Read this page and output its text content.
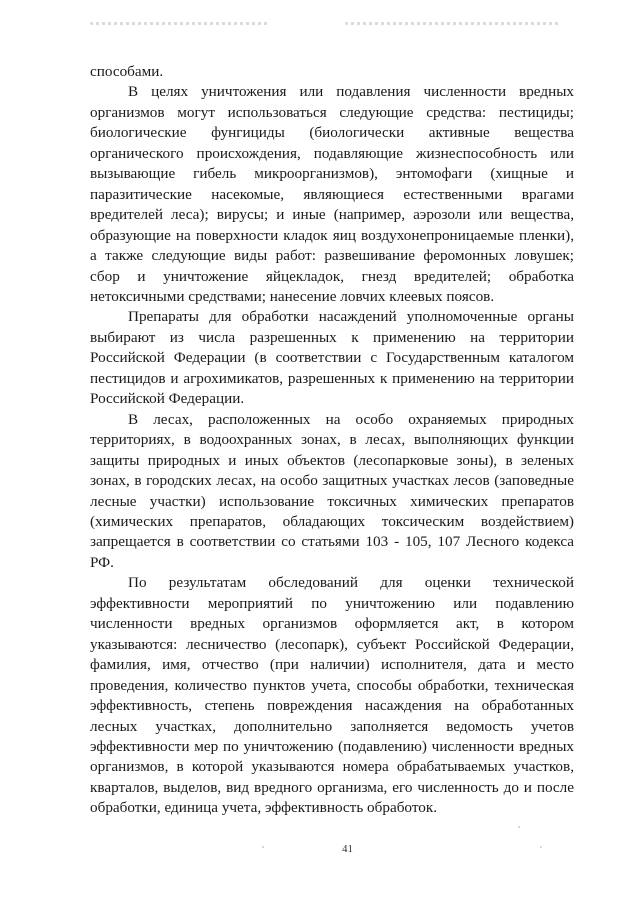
способами.

В целях уничтожения или подавления численности вредных организмов могут использоваться следующие средства: пестициды; биологические фунгициды (биологически активные вещества органического происхождения, подавляющие жизнеспособность или вызывающие гибель микроорганизмов), энтомофаги (хищные и паразитические насекомые, являющиеся естественными врагами вредителей леса); вирусы; и иные (например, аэрозоли или вещества, образующие на поверхности кладок яиц воздухонепроницаемые пленки), а также следующие виды работ: развешивание феромонных ловушек; сбор и уничтожение яйцекладок, гнезд вредителей; обработка нетоксичными средствами; нанесение ловчих клеевых поясов.

Препараты для обработки насаждений уполномоченные органы выбирают из числа разрешенных к применению на территории Российской Федерации (в соответствии с Государственным каталогом пестицидов и агрохимикатов, разрешенных к применению на территории Российской Федерации.

В лесах, расположенных на особо охраняемых природных территориях, в водоохранных зонах, в лесах, выполняющих функции защиты природных и иных объектов (лесопарковые зоны), в зеленых зонах, в городских лесах, на особо защитных участках лесов (заповедные лесные участки) использование токсичных химических препаратов (химических препаратов, обладающих токсическим воздействием) запрещается в соответствии со статьями 103 - 105, 107 Лесного кодекса РФ.

По результатам обследований для оценки технической эффективности мероприятий по уничтожению или подавлению численности вредных организмов оформляется акт, в котором указываются: лесничество (лесопарк), субъект Российской Федерации, фамилия, имя, отчество (при наличии) исполнителя, дата и место проведения, количество пунктов учета, способы обработки, техническая эффективность, степень повреждения насаждения на обработанных лесных участках, дополнительно заполняется ведомость учетов эффективности мер по уничтожению (подавлению) численности вредных организмов, в которой указываются номера обрабатываемых участков, кварталов, выделов, вид вредного организма, его численность до и после обработки, единица учета, эффективность обработок.

41
